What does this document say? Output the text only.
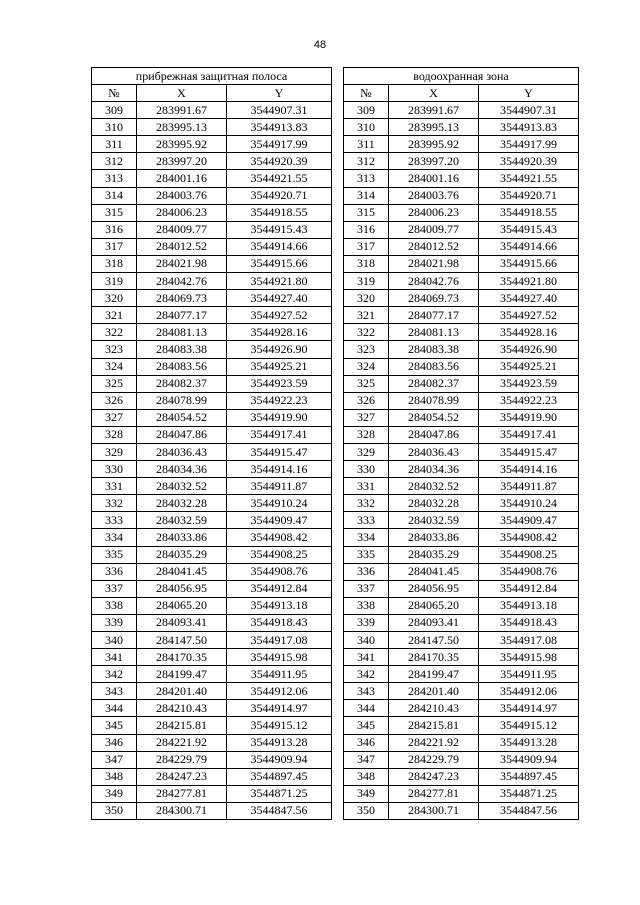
48
прибрежная защитная полоса		
№	X	Y
309	283991.67	3544907.31
310	283995.13	3544913.83
311	283995.92	3544917.99
312	283997.20	3544920.39
313	284001.16	3544921.55
314	284003.76	3544920.71
315	284006.23	3544918.55
316	284009.77	3544915.43
317	284012.52	3544914.66
318	284021.98	3544915.66
319	284042.76	3544921.80
320	284069.73	3544927.40
321	284077.17	3544927.52
322	284081.13	3544928.16
323	284083.38	3544926.90
324	284083.56	3544925.21
325	284082.37	3544923.59
326	284078.99	3544922.23
327	284054.52	3544919.90
328	284047.86	3544917.41
329	284036.43	3544915.47
330	284034.36	3544914.16
331	284032.52	3544911.87
332	284032.28	3544910.24
333	284032.59	3544909.47
334	284033.86	3544908.42
335	284035.29	3544908.25
336	284041.45	3544908.76
337	284056.95	3544912.84
338	284065.20	3544913.18
339	284093.41	3544918.43
340	284147.50	3544917.08
341	284170.35	3544915.98
342	284199.47	3544911.95
343	284201.40	3544912.06
344	284210.43	3544914.97
345	284215.81	3544915.12
346	284221.92	3544913.28
347	284229.79	3544909.94
348	284247.23	3544897.45
349	284277.81	3544871.25
350	284300.71	3544847.56
водоохранная зона		
№	X	Y
309	283991.67	3544907.31
310	283995.13	3544913.83
311	283995.92	3544917.99
312	283997.20	3544920.39
313	284001.16	3544921.55
314	284003.76	3544920.71
315	284006.23	3544918.55
316	284009.77	3544915.43
317	284012.52	3544914.66
318	284021.98	3544915.66
319	284042.76	3544921.80
320	284069.73	3544927.40
321	284077.17	3544927.52
322	284081.13	3544928.16
323	284083.38	3544926.90
324	284083.56	3544925.21
325	284082.37	3544923.59
326	284078.99	3544922.23
327	284054.52	3544919.90
328	284047.86	3544917.41
329	284036.43	3544915.47
330	284034.36	3544914.16
331	284032.52	3544911.87
332	284032.28	3544910.24
333	284032.59	3544909.47
334	284033.86	3544908.42
335	284035.29	3544908.25
336	284041.45	3544908.76
337	284056.95	3544912.84
338	284065.20	3544913.18
339	284093.41	3544918.43
340	284147.50	3544917.08
341	284170.35	3544915.98
342	284199.47	3544911.95
343	284201.40	3544912.06
344	284210.43	3544914.97
345	284215.81	3544915.12
346	284221.92	3544913.28
347	284229.79	3544909.94
348	284247.23	3544897.45
349	284277.81	3544871.25
350	284300.71	3544847.56
